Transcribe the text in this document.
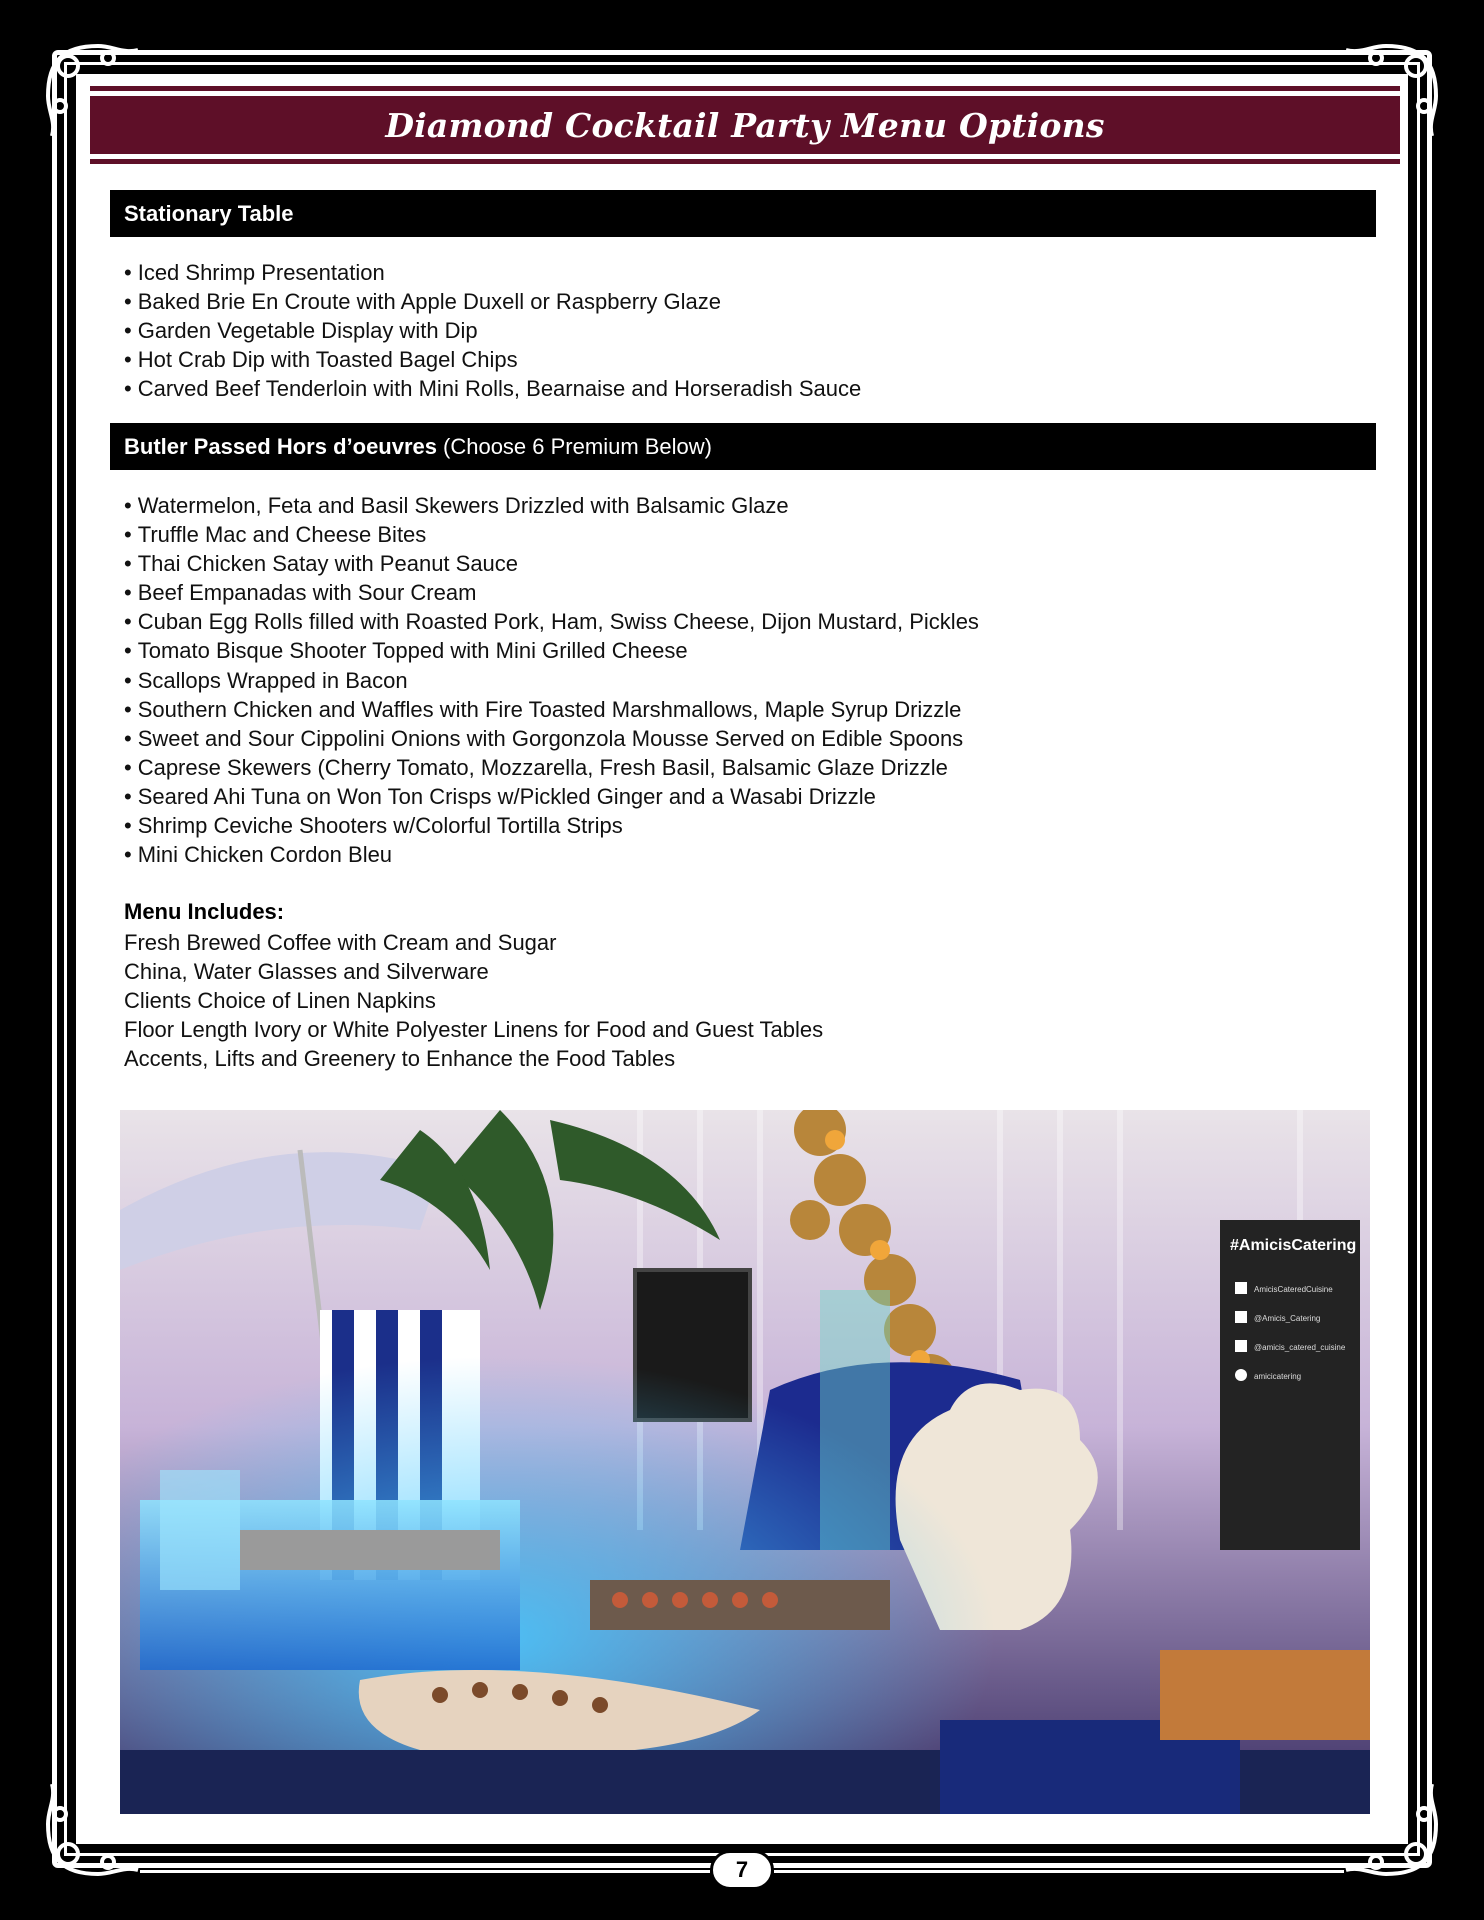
Diamond Cocktail Party Menu Options
Stationary Table
• Iced Shrimp Presentation
• Baked Brie En Croute with Apple Duxell or Raspberry Glaze
• Garden Vegetable Display with Dip
• Hot Crab Dip with Toasted Bagel Chips
• Carved Beef Tenderloin with Mini Rolls, Bearnaise and Horseradish Sauce
Butler Passed Hors d’oeuvres (Choose 6 Premium Below)
• Watermelon, Feta and Basil Skewers Drizzled with Balsamic Glaze
• Truffle Mac and Cheese Bites
• Thai Chicken Satay with Peanut Sauce
• Beef Empanadas with Sour Cream
• Cuban Egg Rolls filled with Roasted Pork, Ham, Swiss Cheese, Dijon Mustard, Pickles
• Tomato Bisque Shooter Topped with Mini Grilled Cheese
• Scallops Wrapped in Bacon
• Southern Chicken and Waffles with Fire Toasted Marshmallows, Maple Syrup Drizzle
• Sweet and Sour Cippolini Onions with Gorgonzola Mousse Served on Edible Spoons
• Caprese Skewers (Cherry Tomato, Mozzarella, Fresh Basil, Balsamic Glaze Drizzle
• Seared Ahi Tuna on Won Ton Crisps w/Pickled Ginger and a Wasabi Drizzle
• Shrimp Ceviche Shooters w/Colorful Tortilla Strips
• Mini Chicken Cordon Bleu
Menu Includes:
Fresh Brewed Coffee with Cream and Sugar
China, Water Glasses and Silverware
Clients Choice of Linen Napkins
Floor Length Ivory or White Polyester Linens for Food and Guest Tables
Accents, Lifts and Greenery to Enhance the Food Tables
7
